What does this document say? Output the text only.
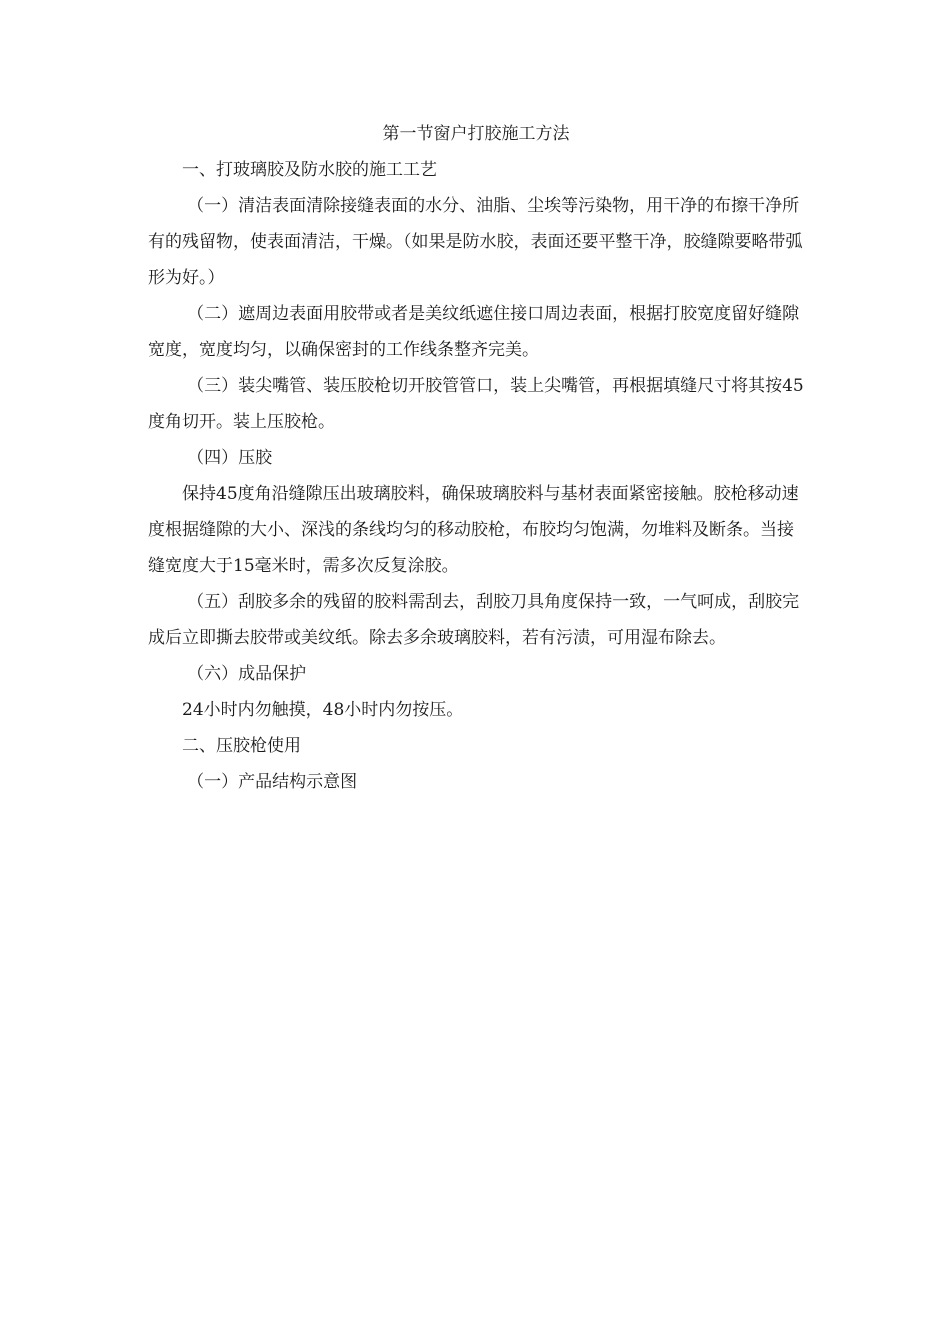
第一节窗户打胶施工方法

一、打玻璃胶及防水胶的施工工艺

（一）清洁表面清除接缝表面的水分、油脂、尘埃等污染物，用干净的布擦干净所有的残留物，使表面清洁，干燥。（如果是防水胶，表面还要平整干净，胶缝隙要略带弧形为好。）

（二）遮周边表面用胶带或者是美纹纸遮住接口周边表面，根据打胶宽度留好缝隙宽度，宽度均匀，以确保密封的工作线条整齐完美。

（三）装尖嘴管、装压胶枪切开胶管管口，装上尖嘴管，再根据填缝尺寸将其按45度角切开。装上压胶枪。

（四）压胶

保持45度角沿缝隙压出玻璃胶料，确保玻璃胶料与基材表面紧密接触。胶枪移动速度根据缝隙的大小、深浅的条线均匀的移动胶枪，布胶均匀饱满，勿堆料及断条。当接缝宽度大于15毫米时，需多次反复涂胶。

（五）刮胶多余的残留的胶料需刮去，刮胶刀具角度保持一致，一气呵成，刮胶完成后立即撕去胶带或美纹纸。除去多余玻璃胶料，若有污渍，可用湿布除去。

（六）成品保护

24小时内勿触摸，48小时内勿按压。

二、压胶枪使用

（一）产品结构示意图
